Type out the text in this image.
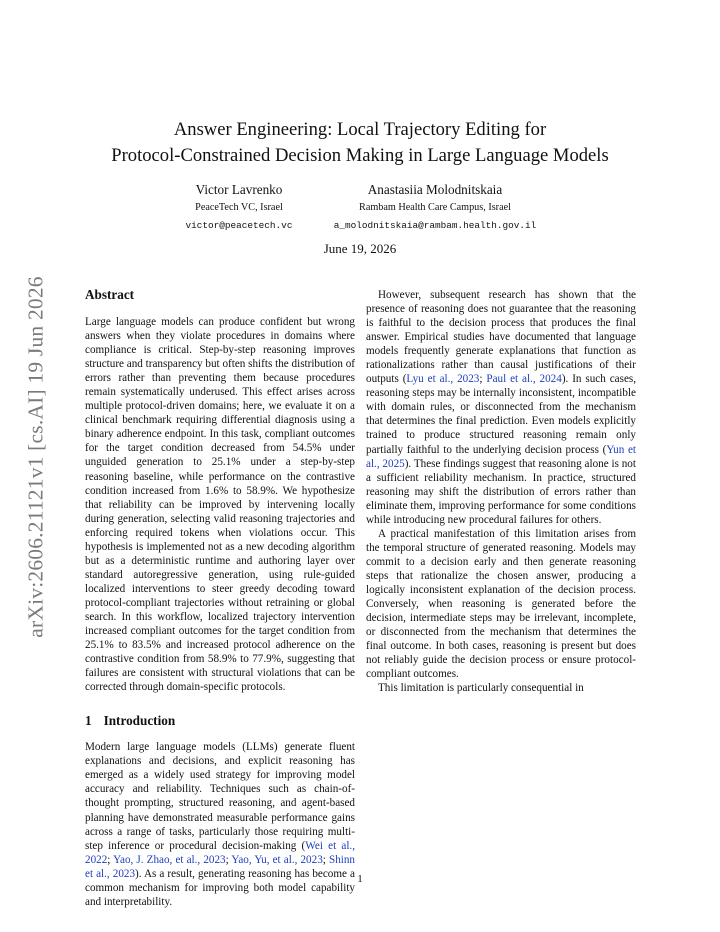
arXiv:2606.21121v1 [cs.AI] 19 Jun 2026
Answer Engineering: Local Trajectory Editing for
Protocol-Constrained Decision Making in Large Language Models
Victor Lavrenko
PeaceTech VC, Israel
victor@peacetech.vc
Anastasiia Molodnitskaia
Rambam Health Care Campus, Israel
a_molodnitskaia@rambam.health.gov.il
June 19, 2026
Abstract

Large language models can produce confident but wrong answers when they violate procedures in domains where compliance is critical. Step-by-step reasoning improves structure and transparency but often shifts the distribution of errors rather than preventing them because procedures remain systematically underused. This effect arises across multiple protocol-driven domains; here, we evaluate it on a clinical benchmark requiring differential diagnosis using a binary adherence endpoint. In this task, compliant outcomes for the target condition decreased from 54.5% under unguided generation to 25.1% under a step-by-step reasoning baseline, while performance on the contrastive condition increased from 1.6% to 58.9%. We hypothesize that reliability can be improved by intervening locally during generation, selecting valid reasoning trajectories and enforcing required tokens when violations occur. This hypothesis is implemented not as a new decoding algorithm but as a deterministic runtime and authoring layer over standard autoregressive generation, using rule-guided localized interventions to steer greedy decoding toward protocol-compliant trajectories without retraining or global search. In this workflow, localized trajectory intervention increased compliant outcomes for the target condition from 25.1% to 83.5% and increased protocol adherence on the contrastive condition from 58.9% to 77.9%, suggesting that failures are consistent with structural violations that can be corrected through domain-specific protocols.

1 Introduction

Modern large language models (LLMs) generate fluent explanations and decisions, and explicit reasoning has emerged as a widely used strategy for improving model accuracy and reliability. Techniques such as chain-of-thought prompting, structured reasoning, and agent-based planning have demonstrated measurable performance gains across a range of tasks, particularly those requiring multi-step inference or procedural decision-making (Wei et al., 2022; Yao, J. Zhao, et al., 2023; Yao, Yu, et al., 2023; Shinn et al., 2023). As a result, generating reasoning has become a common mechanism for improving both model capability and interpretability.

However, subsequent research has shown that the presence of reasoning does not guarantee that the reasoning is faithful to the decision process that produces the final answer. Empirical studies have documented that language models frequently generate explanations that function as rationalizations rather than causal justifications of their outputs (Lyu et al., 2023; Paul et al., 2024). In such cases, reasoning steps may be internally inconsistent, incompatible with domain rules, or disconnected from the mechanism that determines the final prediction. Even models explicitly trained to produce structured reasoning remain only partially faithful to the underlying decision process (Yun et al., 2025). These findings suggest that reasoning alone is not a sufficient reliability mechanism. In practice, structured reasoning may shift the distribution of errors rather than eliminate them, improving performance for some conditions while introducing new procedural failures for others.

A practical manifestation of this limitation arises from the temporal structure of generated reasoning. Models may commit to a decision early and then generate reasoning steps that rationalize the chosen answer, producing a logically inconsistent explanation of the decision process. Conversely, when reasoning is generated before the decision, intermediate steps may be irrelevant, incomplete, or disconnected from the mechanism that determines the final outcome. In both cases, reasoning is present but does not reliably guide the decision process or ensure protocol-compliant outcomes.

This limitation is particularly consequential in

1
